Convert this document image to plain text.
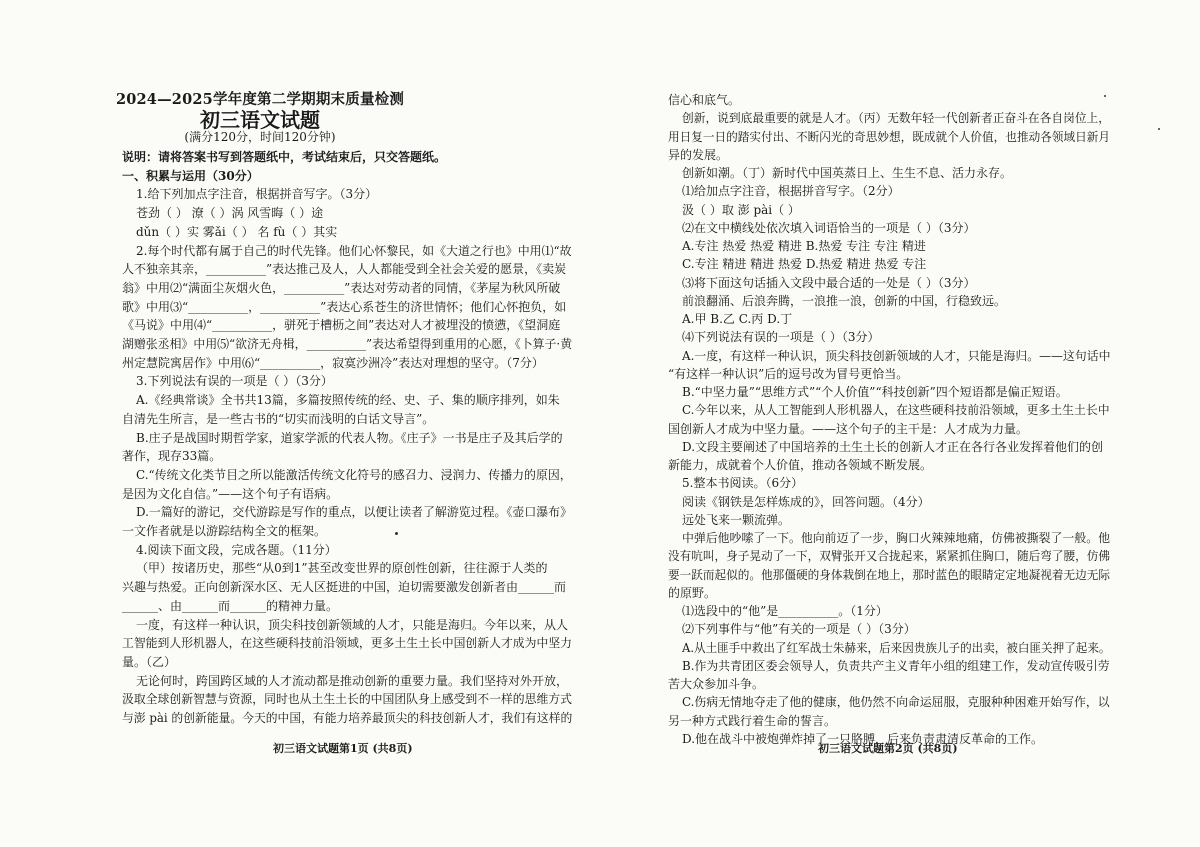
2024—2025学年度第二学期期末质量检测
初三语文试题
(满分120分，时间120分钟)
说明：请将答案书写到答题纸中，考试结束后，只交答题纸。
一、积累与运用（30分）
1.给下列加点字注音，根据拼音写字。（3分）
苍劲（ ） 潦（ ）涡 风雪晦（ ）途
dǔn（ ）实 雾ǎi（ ） 名 fù（ ）其实
2.每个时代都有属于自己的时代先锋。他们心怀黎民，如《大道之行也》中用⑴“故
人不独亲其亲，__________”表达推己及人，人人都能受到全社会关爱的愿景，《卖炭
翁》中用⑵“满面尘灰烟火色，__________”表达对劳动者的同情，《茅屋为秋风所破
歌》中用⑶“__________，__________”表达心系苍生的济世情怀；他们心怀抱负，如
《马说》中用⑷“__________，骈死于槽枥之间”表达对人才被埋没的愤懑，《望洞庭
湖赠张丞相》中用⑸“欲济无舟楫，__________”表达希望得到重用的心愿，《卜算子·黄
州定慧院寓居作》中用⑹“__________，寂寞沙洲冷”表达对理想的坚守。（7分）
3.下列说法有误的一项是（ ）（3分）
A.《经典常谈》全书共13篇，多篇按照传统的经、史、子、集的顺序排列，如朱
自清先生所言，是一些古书的“切实而浅明的白话文导言”。
B.庄子是战国时期哲学家，道家学派的代表人物。《庄子》一书是庄子及其后学的
著作，现存33篇。
C.“传统文化类节目之所以能激活传统文化符号的感召力、浸润力、传播力的原因，
是因为文化自信。”——这个句子有语病。
D.一篇好的游记，交代游踪是写作的重点，以便让读者了解游览过程。《壶口瀑布》
一文作者就是以游踪结构全文的框架。
4.阅读下面文段，完成各题。（11分）
（甲）按诸历史，那些“从0到1”甚至改变世界的原创性创新，往往源于人类的
兴趣与热爱。正向创新深水区、无人区挺进的中国，迫切需要激发创新者由______而
______、由______而______的精神力量。
一度，有这样一种认识，顶尖科技创新领域的人才，只能是海归。今年以来，从人
工智能到人形机器人，在这些硬科技前沿领域，更多土生土长中国创新人才成为中坚力
量。（乙）
无论何时，跨国跨区域的人才流动都是推动创新的重要力量。我们坚持对外开放，
汲取全球创新智慧与资源，同时也从土生土长的中国团队身上感受到不一样的思维方式
与澎 pài 的创新能量。今天的中国，有能力培养最顶尖的科技创新人才，我们有这样的
信心和底气。
创新，说到底最重要的就是人才。（丙）无数年轻一代创新者正奋斗在各自岗位上，
用日复一日的踏实付出、不断闪光的奇思妙想，既成就个人价值，也推动各领域日新月
异的发展。
创新如潮。（丁）新时代中国英蒸日上、生生不息、活力永存。
⑴给加点字注音，根据拼音写字。（2分）
汲（ ）取 澎 pài（ ）
⑵在文中横线处依次填入词语恰当的一项是（ ）（3分）
A.专注 热爱 热爱 精进 B.热爱 专注 专注 精进
C.专注 精进 精进 热爱 D.热爱 精进 热爱 专注
⑶将下面这句话插入文段中最合适的一处是（ ）（3分）
前浪翻涌、后浪奔腾，一浪推一浪，创新的中国，行稳致远。
A.甲 B.乙 C.丙 D.丁
⑷下列说法有误的一项是（ ）（3分）
A.一度，有这样一种认识，顶尖科技创新领域的人才，只能是海归。——这句话中
“有这样一种认识”后的逗号改为冒号更恰当。
B.“中坚力量”“思维方式”“个人价值”“科技创新”四个短语都是偏正短语。
C.今年以来，从人工智能到人形机器人，在这些硬科技前沿领域，更多土生土长中
国创新人才成为中坚力量。——这个句子的主干是：人才成为力量。
D.文段主要阐述了中国培养的土生土长的创新人才正在各行各业发挥着他们的创
新能力，成就着个人价值，推动各领域不断发展。
5.整本书阅读。（6分）
阅读《钢铁是怎样炼成的》，回答问题。（4分）
远处飞来一颗流弹。
中弹后他吵嗦了一下。他向前迈了一步，胸口火辣辣地痛，仿佛被撕裂了一般。他
没有吭叫，身子晃动了一下，双臂张开又合拢起来，紧紧抓住胸口，随后弯了腰，仿佛
要一跃而起似的。他那僵硬的身体栽倒在地上，那时蓝色的眼睛定定地凝视着无边无际
的原野。
⑴选段中的“他”是__________。（1分）
⑵下列事件与“他”有关的一项是（ ）（3分）
A.从土匪手中救出了红军战士朱赫来，后来因贵族儿子的出卖，被白匪关押了起来。
B.作为共青团区委会领导人，负责共产主义青年小组的组建工作，发动宣传吸引劳
苦大众参加斗争。
C.伤病无情地夺走了他的健康，他仍然不向命运屈服，克服种种困难开始写作，以
另一种方式践行着生命的誓言。
D.他在战斗中被炮弹炸掉了一只胳膊，后来负责肃清反革命的工作。
初三语文试题第1页 (共8页)	初三语文试题第2页 (共8页)
